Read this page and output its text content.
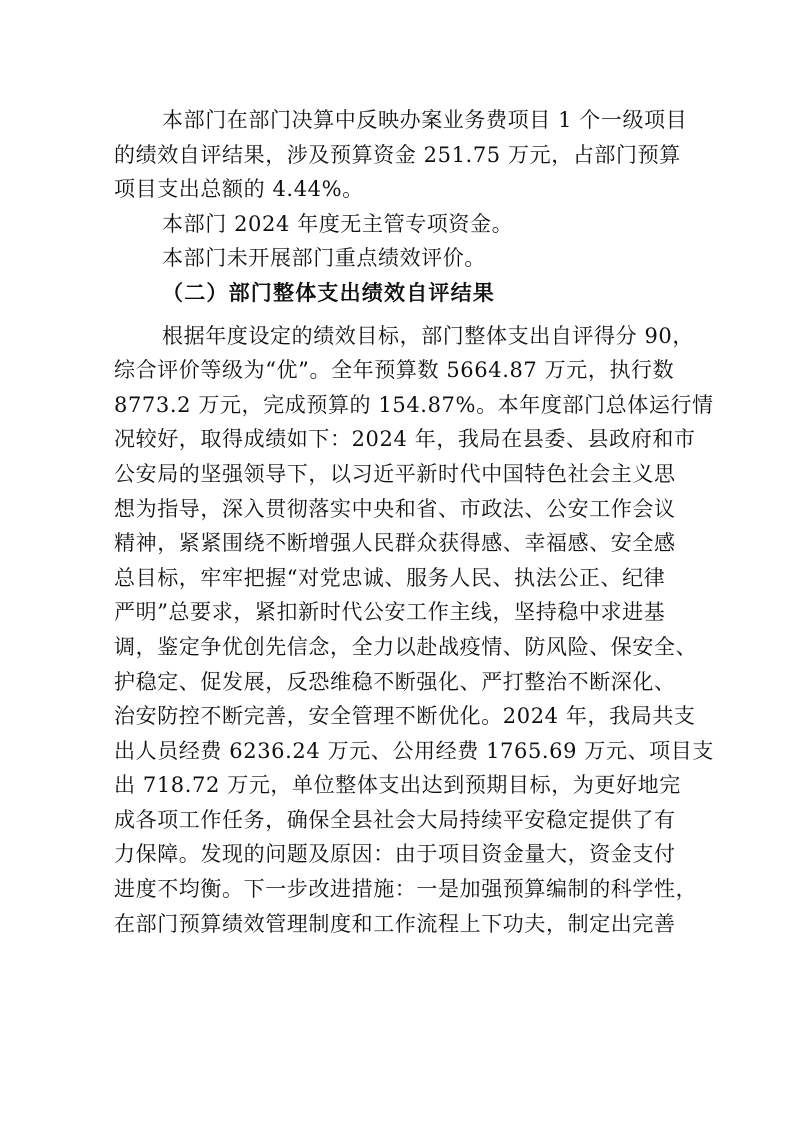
本部门在部门决算中反映办案业务费项目 1 个一级项目
的绩效自评结果，涉及预算资金 251.75 万元，占部门预算
项目支出总额的 4.44%。
本部门 2024 年度无主管专项资金。
本部门未开展部门重点绩效评价。
（二）部门整体支出绩效自评结果
根据年度设定的绩效目标，部门整体支出自评得分 90，
综合评价等级为“优”。全年预算数 5664.87 万元，执行数
8773.2 万元，完成预算的 154.87%。本年度部门总体运行情
况较好，取得成绩如下：2024 年，我局在县委、县政府和市
公安局的坚强领导下，以习近平新时代中国特色社会主义思
想为指导，深入贯彻落实中央和省、市政法、公安工作会议
精神，紧紧围绕不断增强人民群众获得感、幸福感、安全感
总目标，牢牢把握“对党忠诚、服务人民、执法公正、纪律
严明”总要求，紧扣新时代公安工作主线，坚持稳中求进基
调，鉴定争优创先信念，全力以赴战疫情、防风险、保安全、
护稳定、促发展，反恐维稳不断强化、严打整治不断深化、
治安防控不断完善，安全管理不断优化。2024 年，我局共支
出人员经费 6236.24 万元、公用经费 1765.69 万元、项目支
出 718.72 万元，单位整体支出达到预期目标，为更好地完
成各项工作任务，确保全县社会大局持续平安稳定提供了有
力保障。发现的问题及原因：由于项目资金量大，资金支付
进度不均衡。下一步改进措施：一是加强预算编制的科学性，
在部门预算绩效管理制度和工作流程上下功夫，制定出完善
